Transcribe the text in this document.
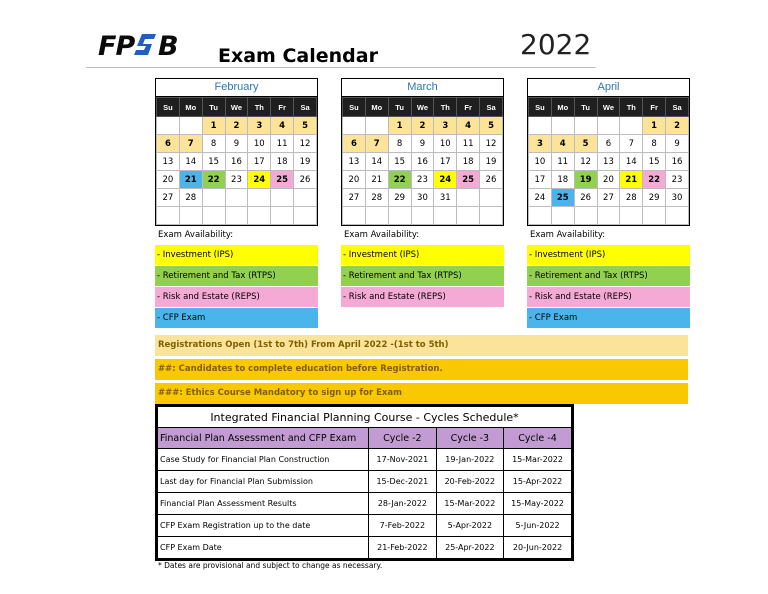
FP B Exam Calendar	2022
February
Su	Mo	Tu	We	Th	Fr	Sa
		1	2	3	4	5
6	7	8	9	10	11	12
13	14	15	16	17	18	19
20	21	22	23	24	25	26
27	28					

March
Su	Mo	Tu	We	Th	Fr	Sa
		1	2	3	4	5
6	7	8	9	10	11	12
13	14	15	16	17	18	19
20	21	22	23	24	25	26
27	28	29	30	31		

April
Su	Mo	Tu	We	Th	Fr	Sa
					1	2
3	4	5	6	7	8	9
10	11	12	13	14	15	16
17	18	19	20	21	22	23
24	25	26	27	28	29	30

Exam Availability:
- Investment (IPS)
- Retirement and Tax (RTPS)
- Risk and Estate (REPS)
- CFP Exam
Exam Availability:
- Investment (IPS)
- Retirement and Tax (RTPS)
- Risk and Estate (REPS)
Exam Availability:
- Investment (IPS)
- Retirement and Tax (RTPS)
- Risk and Estate (REPS)
- CFP Exam
Registrations Open (1st to 7th) From April 2022 -(1st to 5th)
##: Candidates to complete education before Registration.
###: Ethics Course Mandatory to sign up for Exam
Integrated Financial Planning Course - Cycles Schedule*			
Financial Plan Assessment and CFP Exam	Cycle -2	Cycle -3	Cycle -4
Case Study for Financial Plan Construction	17-Nov-2021	19-Jan-2022	15-Mar-2022
Last day for Financial Plan Submission	15-Dec-2021	20-Feb-2022	15-Apr-2022
Financial Plan Assessment Results	28-Jan-2022	15-Mar-2022	15-May-2022
CFP Exam Registration up to the date	7-Feb-2022	5-Apr-2022	5-Jun-2022
CFP Exam Date	21-Feb-2022	25-Apr-2022	20-Jun-2022
* Dates are provisional and subject to change as necessary.
